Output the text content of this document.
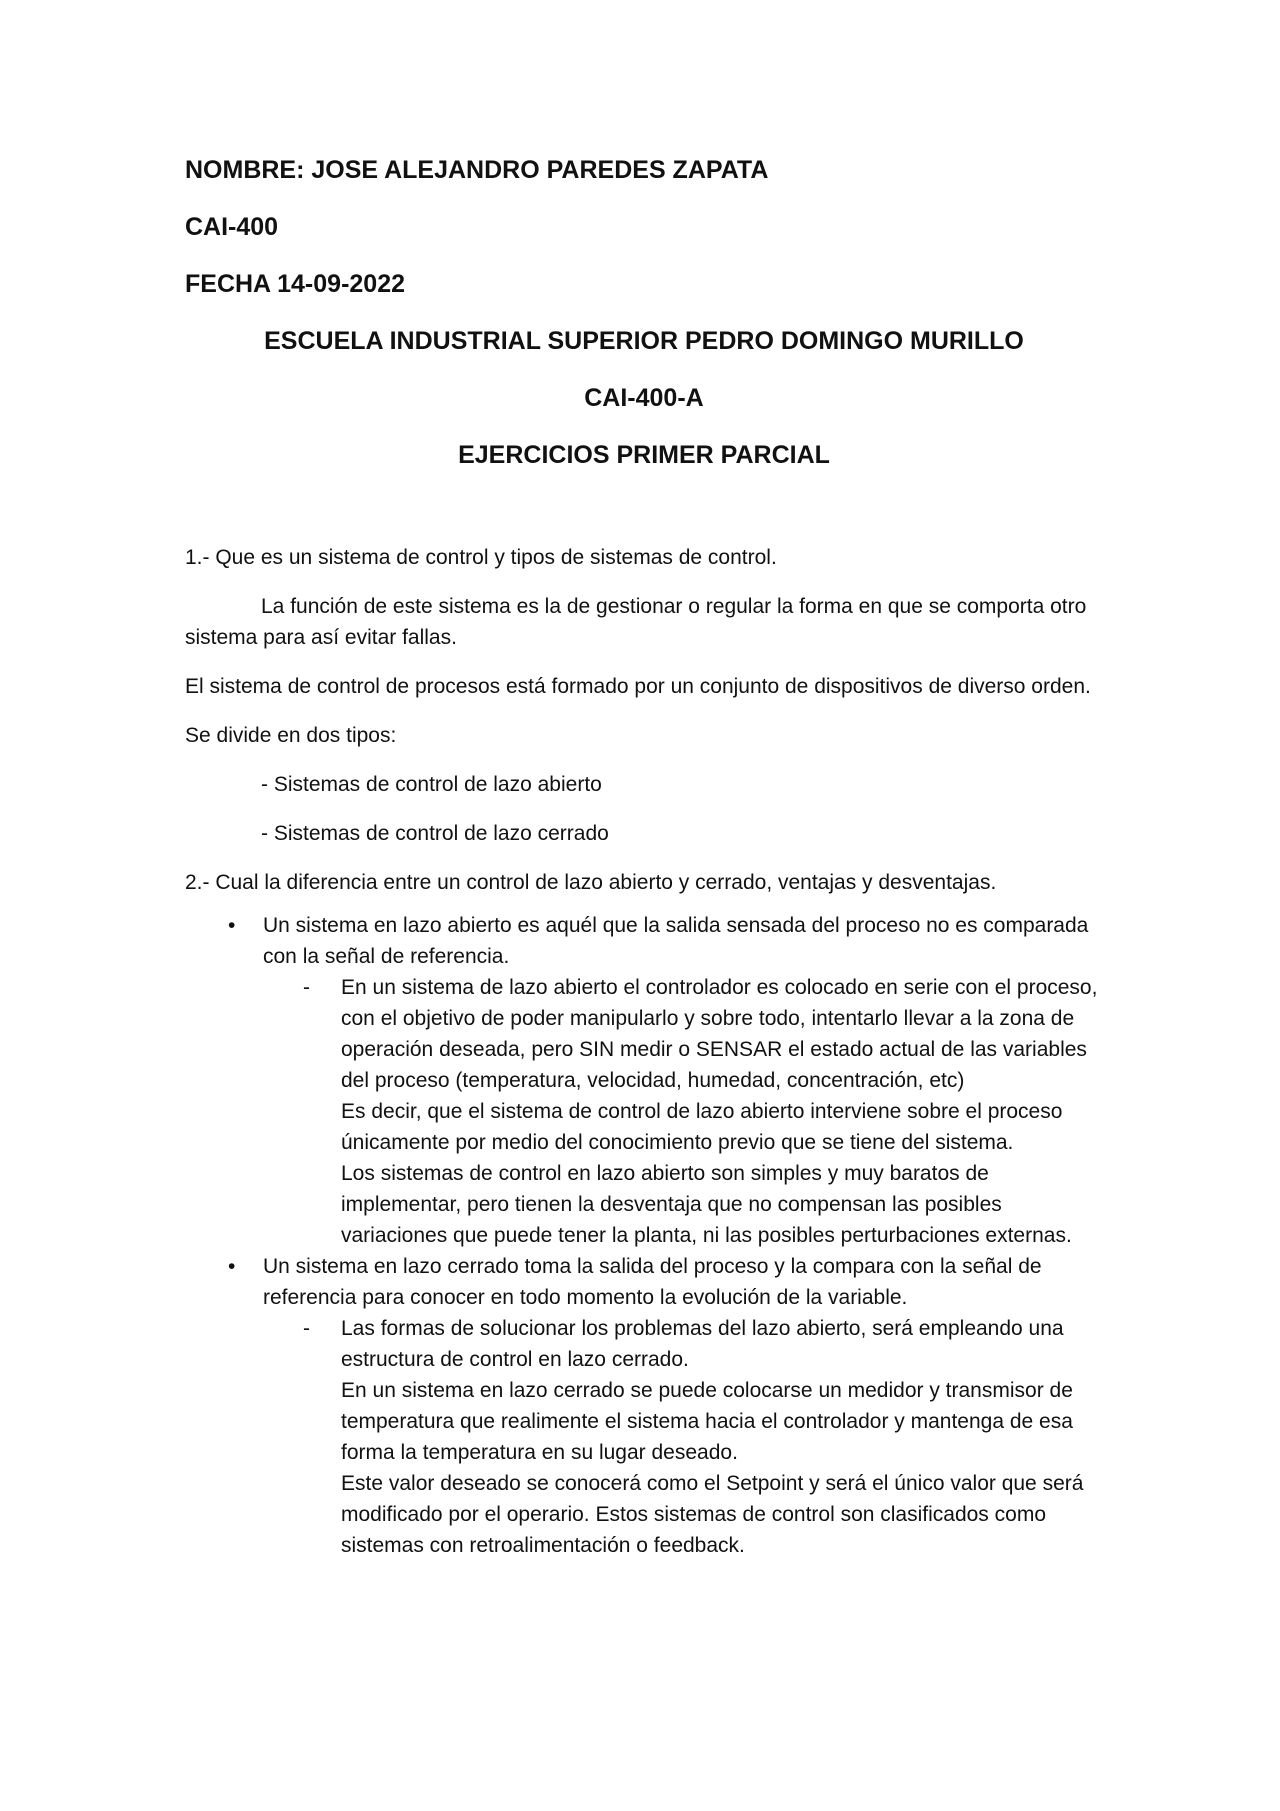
NOMBRE: JOSE ALEJANDRO PAREDES ZAPATA
CAI-400
FECHA 14-09-2022
ESCUELA INDUSTRIAL SUPERIOR PEDRO DOMINGO MURILLO
CAI-400-A
EJERCICIOS PRIMER PARCIAL

1.- Que es un sistema de control y tipos de sistemas de control.

La función de este sistema es la de gestionar o regular la forma en que se comporta otro sistema para así evitar fallas.

El sistema de control de procesos está formado por un conjunto de dispositivos de diverso orden.

Se divide en dos tipos:

- Sistemas de control de lazo abierto

- Sistemas de control de lazo cerrado

2.- Cual la diferencia entre un control de lazo abierto y cerrado, ventajas y desventajas.

• Un sistema en lazo abierto es aquél que la salida sensada del proceso no es comparada con la señal de referencia.
- En un sistema de lazo abierto el controlador es colocado en serie con el proceso, con el objetivo de poder manipularlo y sobre todo, intentarlo llevar a la zona de operación deseada, pero SIN medir o SENSAR el estado actual de las variables del proceso (temperatura, velocidad, humedad, concentración, etc)
Es decir, que el sistema de control de lazo abierto interviene sobre el proceso únicamente por medio del conocimiento previo que se tiene del sistema.
Los sistemas de control en lazo abierto son simples y muy baratos de implementar, pero tienen la desventaja que no compensan las posibles variaciones que puede tener la planta, ni las posibles perturbaciones externas.
• Un sistema en lazo cerrado toma la salida del proceso y la compara con la señal de referencia para conocer en todo momento la evolución de la variable.
- Las formas de solucionar los problemas del lazo abierto, será empleando una estructura de control en lazo cerrado.
En un sistema en lazo cerrado se puede colocarse un medidor y transmisor de temperatura que realimente el sistema hacia el controlador y mantenga de esa forma la temperatura en su lugar deseado.
Este valor deseado se conocerá como el Setpoint y será el único valor que será modificado por el operario. Estos sistemas de control son clasificados como sistemas con retroalimentación o feedback.
